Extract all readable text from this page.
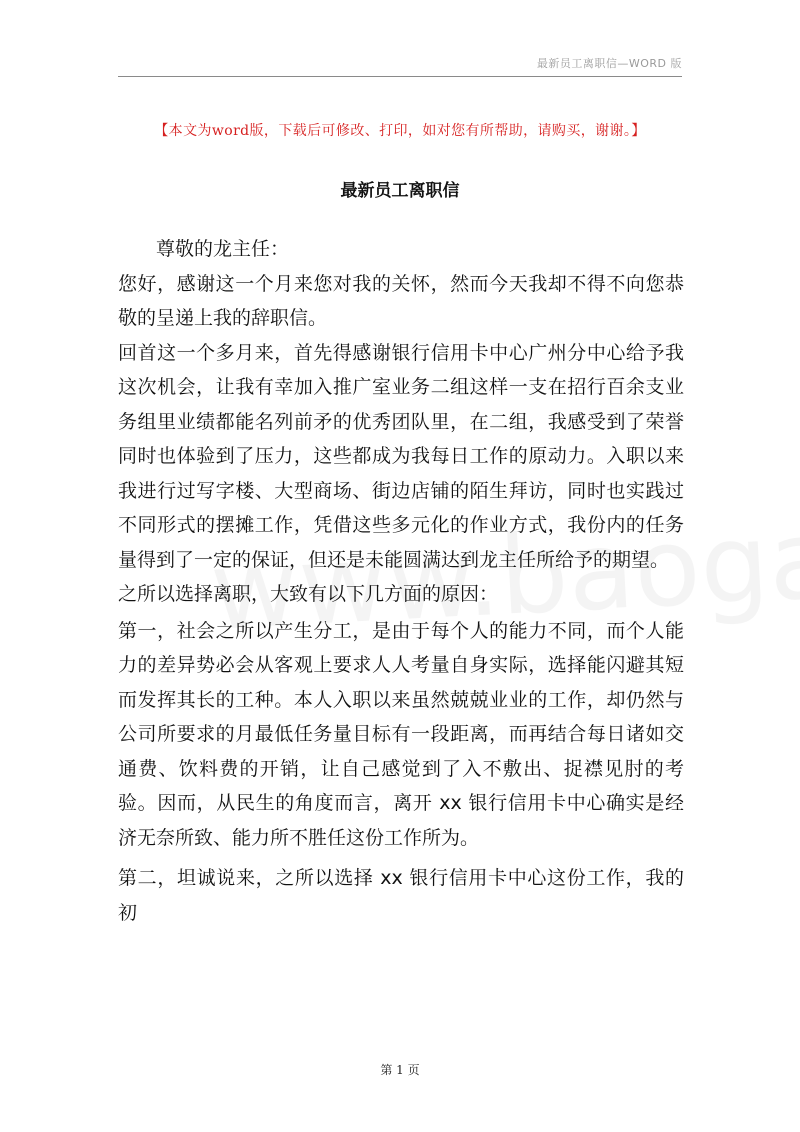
最新员工离职信—WORD 版
【本文为word版，下载后可修改、打印，如对您有所帮助，请购买，谢谢。】
最新员工离职信

尊敬的龙主任：

您好，感谢这一个月来您对我的关怀，然而今天我却不得不向您恭敬的呈递上我的辞职信。

回首这一个多月来，首先得感谢银行信用卡中心广州分中心给予我这次机会，让我有幸加入推广室业务二组这样一支在招行百余支业务组里业绩都能名列前矛的优秀团队里，在二组，我感受到了荣誉同时也体验到了压力，这些都成为我每日工作的原动力。入职以来我进行过写字楼、大型商场、街边店铺的陌生拜访，同时也实践过不同形式的摆摊工作，凭借这些多元化的作业方式，我份内的任务量得到了一定的保证，但还是未能圆满达到龙主任所给予的期望。

之所以选择离职，大致有以下几方面的原因：

第一，社会之所以产生分工，是由于每个人的能力不同，而个人能力的差异势必会从客观上要求人人考量自身实际，选择能闪避其短而发挥其长的工种。本人入职以来虽然兢兢业业的工作，却仍然与公司所要求的月最低任务量目标有一段距离，而再结合每日诸如交通费、饮料费的开销，让自己感觉到了入不敷出、捉襟见肘的考验。因而，从民生的角度而言，离开 xx 银行信用卡中心确实是经济无奈所致、能力所不胜任这份工作所为。

第二，坦诚说来，之所以选择 xx 银行信用卡中心这份工作，我的初

第 1 页
